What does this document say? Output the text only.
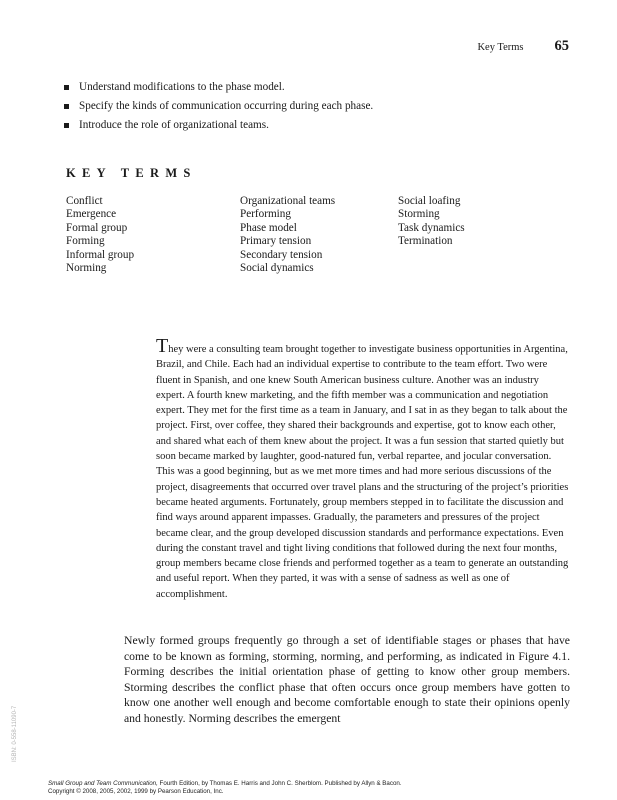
Key Terms 65
Understand modifications to the phase model.
Specify the kinds of communication occurring during each phase.
Introduce the role of organizational teams.
KEY TERMS
Conflict
Emergence
Formal group
Forming
Informal group
Norming
Organizational teams
Performing
Phase model
Primary tension
Secondary tension
Social dynamics
Social loafing
Storming
Task dynamics
Termination
They were a consulting team brought together to investigate business opportunities in Argentina, Brazil, and Chile. Each had an individual expertise to contribute to the team effort. Two were fluent in Spanish, and one knew South American business culture. Another was an industry expert. A fourth knew marketing, and the fifth member was a communication and negotiation expert. They met for the first time as a team in January, and I sat in as they began to talk about the project. First, over coffee, they shared their backgrounds and expertise, got to know each other, and shared what each of them knew about the project. It was a fun session that started quietly but soon became marked by laughter, good-natured fun, verbal repartee, and jocular conversation. This was a good beginning, but as we met more times and had more serious discussions of the project, disagreements that occurred over travel plans and the structuring of the project’s priorities became heated arguments. Fortunately, group members stepped in to facilitate the discussion and find ways around apparent impasses. Gradually, the parameters and pressures of the project became clear, and the group developed discussion standards and performance expectations. Even during the constant travel and tight living conditions that followed during the next four months, group members became close friends and performed together as a team to generate an outstanding and useful report. When they parted, it was with a sense of sadness as well as one of accomplishment.
Newly formed groups frequently go through a set of identifiable stages or phases that have come to be known as forming, storming, norming, and performing, as indicated in Figure 4.1. Forming describes the initial orientation phase of getting to know other group members. Storming describes the conflict phase that often occurs once group members have gotten to know one another well enough and become comfortable enough to state their opinions openly and honestly. Norming describes the emergent
ISBN: 0-558-11090-7
Small Group and Team Communication, Fourth Edition, by Thomas E. Harris and John C. Sherblom. Published by Allyn & Bacon.
Copyright © 2008, 2005, 2002, 1999 by Pearson Education, Inc.
